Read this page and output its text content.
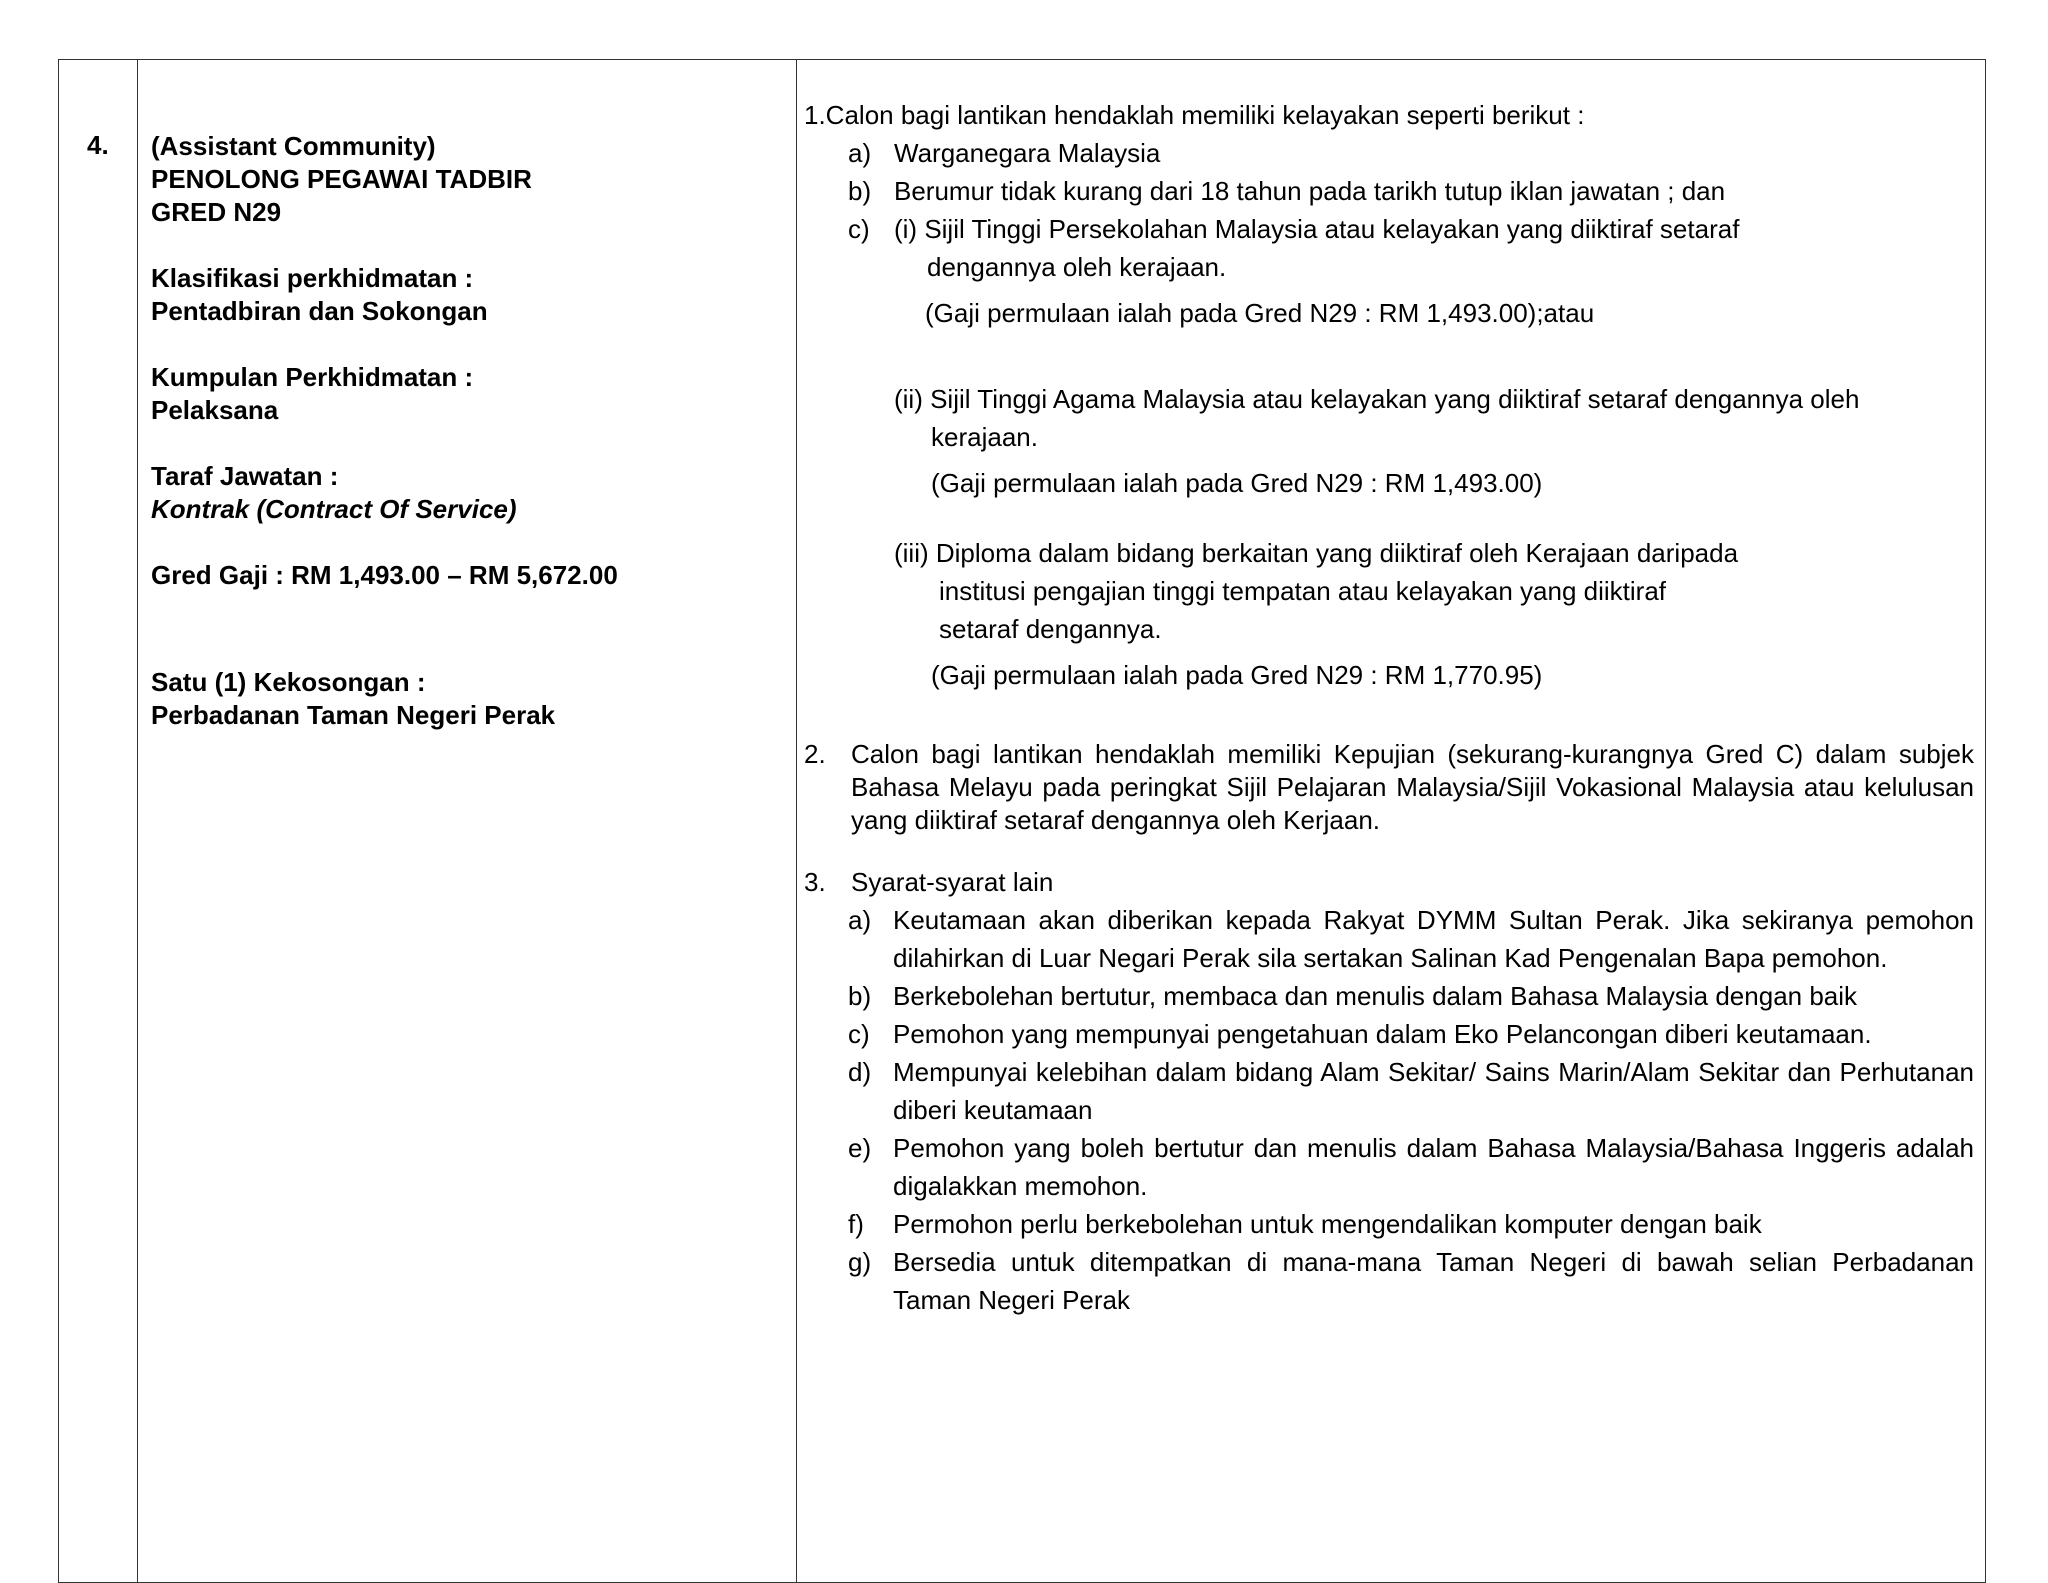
4. (Assistant Community)
PENOLONG PEGAWAI TADBIR
GRED N29
Klasifikasi perkhidmatan :
Pentadbiran dan Sokongan
Kumpulan Perkhidmatan :
Pelaksana
Taraf Jawatan :
Kontrak (Contract Of Service)
Gred Gaji : RM 1,493.00 – RM 5,672.00
Satu (1) Kekosongan :
Perbadanan Taman Negeri Perak
1.Calon bagi lantikan hendaklah memiliki kelayakan seperti berikut :
a) Warganegara Malaysia
b) Berumur tidak kurang dari 18 tahun pada tarikh tutup iklan jawatan ; dan
c) (i) Sijil Tinggi Persekolahan Malaysia atau kelayakan yang diiktiraf setaraf
dengannya oleh kerajaan.
(Gaji permulaan ialah pada Gred N29 : RM 1,493.00);atau
(ii) Sijil Tinggi Agama Malaysia atau kelayakan yang diiktiraf setaraf dengannya oleh
kerajaan.
(Gaji permulaan ialah pada Gred N29 : RM 1,493.00)
(iii) Diploma dalam bidang berkaitan yang diiktiraf oleh Kerajaan daripada
institusi pengajian tinggi tempatan atau kelayakan yang diiktiraf
setaraf dengannya.
(Gaji permulaan ialah pada Gred N29 : RM 1,770.95)
2. Calon bagi lantikan hendaklah memiliki Kepujian (sekurang-kurangnya Gred C) dalam subjek Bahasa Melayu pada peringkat Sijil Pelajaran Malaysia/Sijil Vokasional Malaysia atau kelulusan yang diiktiraf setaraf dengannya oleh Kerjaan.
3. Syarat-syarat lain
a) Keutamaan akan diberikan kepada Rakyat DYMM Sultan Perak. Jika sekiranya pemohon dilahirkan di Luar Negari Perak sila sertakan Salinan Kad Pengenalan Bapa pemohon.
b) Berkebolehan bertutur, membaca dan menulis dalam Bahasa Malaysia dengan baik
c) Pemohon yang mempunyai pengetahuan dalam Eko Pelancongan diberi keutamaan.
d) Mempunyai kelebihan dalam bidang Alam Sekitar/ Sains Marin/Alam Sekitar dan Perhutanan diberi keutamaan
e) Pemohon yang boleh bertutur dan menulis dalam Bahasa Malaysia/Bahasa Inggeris adalah digalakkan memohon.
f)	Permohon perlu berkebolehan untuk mengendalikan komputer dengan baik
g) Bersedia untuk ditempatkan di mana-mana Taman Negeri di bawah selian Perbadanan Taman Negeri Perak
